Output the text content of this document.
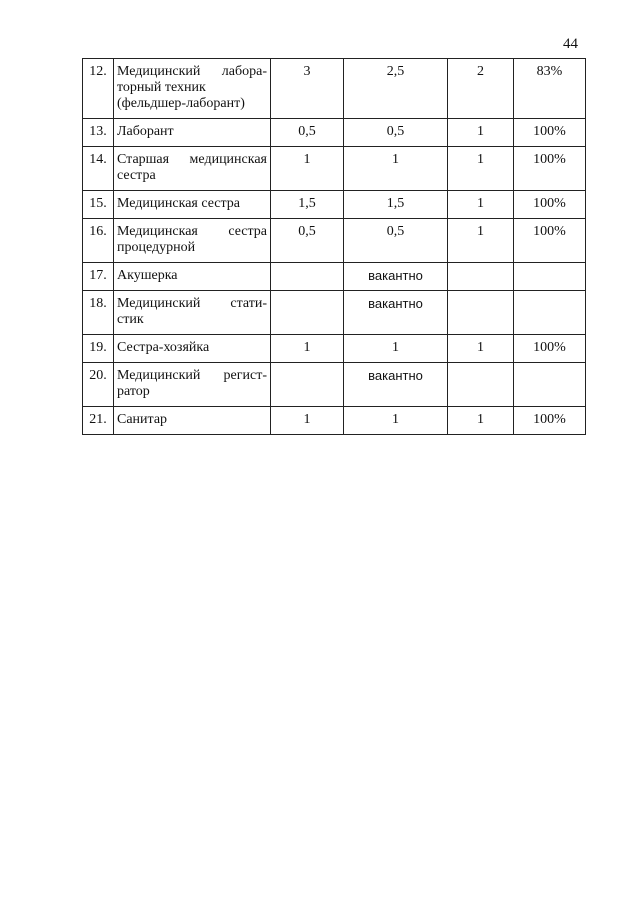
44
12.	Медицинский лабора-
торный техник
(фельдшер-лаборант)	3	2,5	2	83%
13.	Лаборант	0,5	0,5	1	100%
14.	Старшая медицинская
сестра	1	1	1	100%
15.	Медицинская сестра	1,5	1,5	1	100%
16.	Медицинская сестра
процедурной	0,5	0,5	1	100%
17.	Акушерка		вакантно		
18.	Медицинский стати-
стик		вакантно		
19.	Сестра-хозяйка	1	1	1	100%
20.	Медицинский регист-
ратор		вакантно		
21.	Санитар	1	1	1	100%
